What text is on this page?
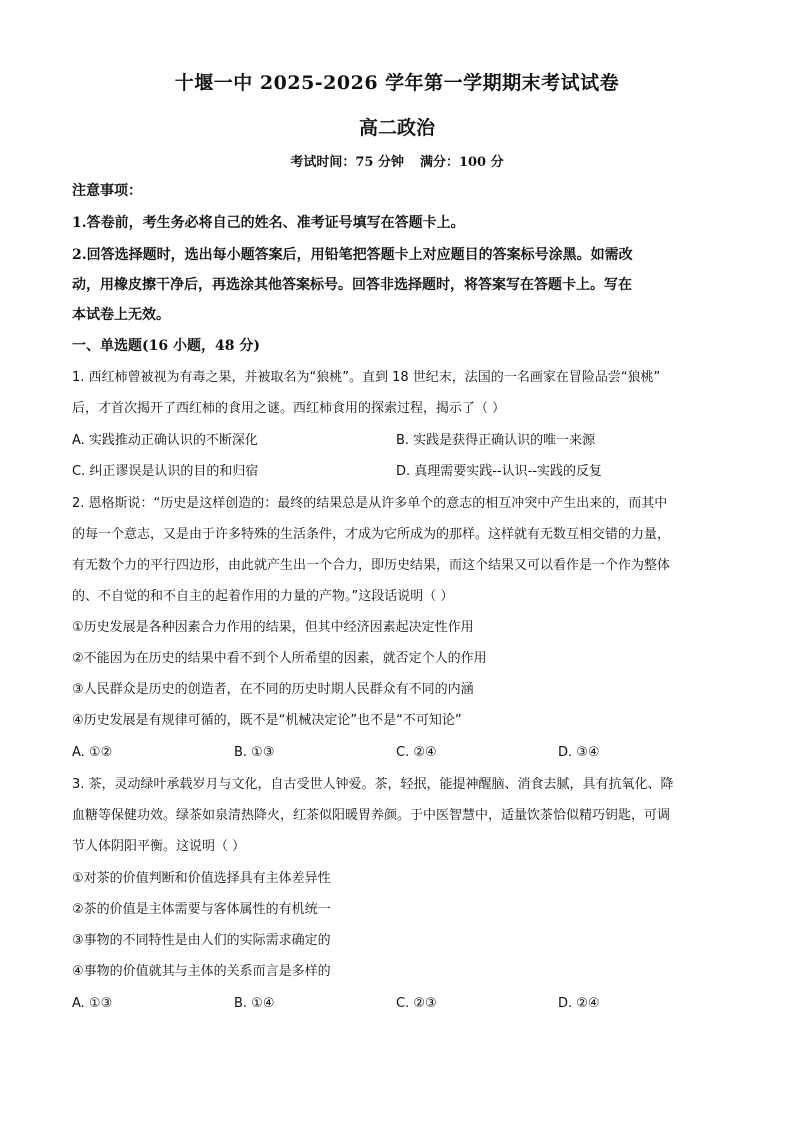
十堰一中 2025-2026 学年第一学期期末考试试卷
高二政治
考试时间：75 分钟 满分：100 分
注意事项：
1.答卷前，考生务必将自己的姓名、准考证号填写在答题卡上。
2.回答选择题时，选出每小题答案后，用铅笔把答题卡上对应题目的答案标号涂黑。如需改
动，用橡皮擦干净后，再选涂其他答案标号。回答非选择题时，将答案写在答题卡上。写在
本试卷上无效。
一、单选题(16 小题，48 分)
1. 西红柿曾被视为有毒之果，并被取名为“狼桃”。直到 18 世纪末，法国的一名画家在冒险品尝“狼桃”
后，才首次揭开了西红柿的食用之谜。西红柿食用的探索过程，揭示了（ ）
A. 实践推动正确认识的不断深化	B. 实践是获得正确认识的唯一来源
C. 纠正谬误是认识的目的和归宿	D. 真理需要实践--认识--实践的反复
2. 恩格斯说：“历史是这样创造的：最终的结果总是从许多单个的意志的相互冲突中产生出来的，而其中
的每一个意志，又是由于许多特殊的生活条件，才成为它所成为的那样。这样就有无数互相交错的力量，
有无数个力的平行四边形，由此就产生出一个合力，即历史结果，而这个结果又可以看作是一个作为整体
的、不自觉的和不自主的起着作用的力量的产物。”这段话说明（ ）
①历史发展是各种因素合力作用的结果，但其中经济因素起决定性作用
②不能因为在历史的结果中看不到个人所希望的因素，就否定个人的作用
③人民群众是历史的创造者，在不同的历史时期人民群众有不同的内涵
④历史发展是有规律可循的，既不是“机械决定论”也不是“不可知论”
A. ①②	B. ①③	C. ②④	D. ③④
3. 茶，灵动绿叶承载岁月与文化，自古受世人钟爱。茶，轻抿，能提神醒脑、消食去腻，具有抗氧化、降
血糖等保健功效。绿茶如泉清热降火，红茶似阳暖胃养颜。于中医智慧中，适量饮茶恰似精巧钥匙，可调
节人体阴阳平衡。这说明（ ）
①对茶的价值判断和价值选择具有主体差异性
②茶的价值是主体需要与客体属性的有机统一
③事物的不同特性是由人们的实际需求确定的
④事物的价值就其与主体的关系而言是多样的
A. ①③	B. ①④	C. ②③	D. ②④
